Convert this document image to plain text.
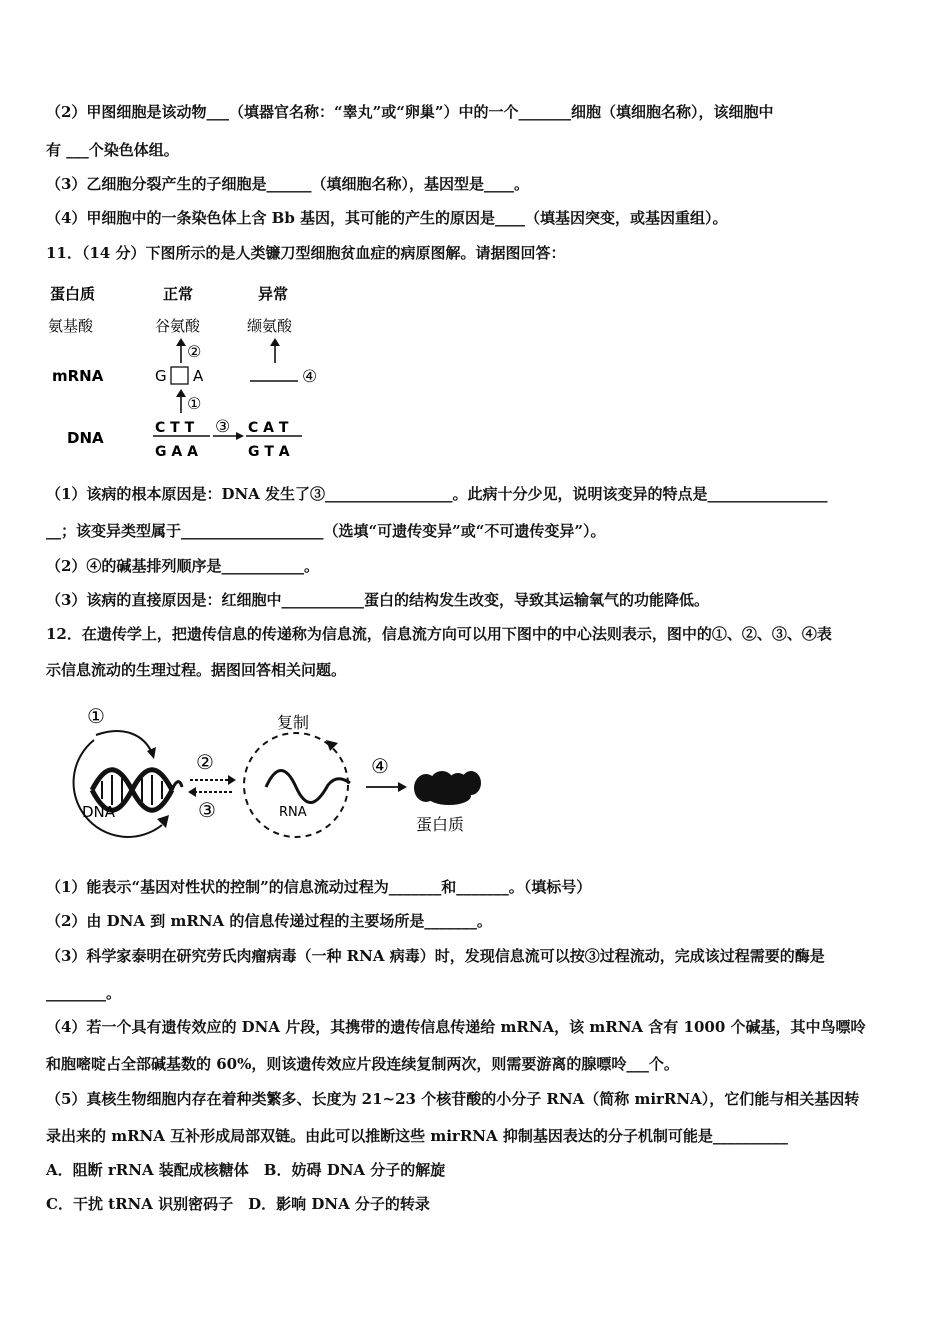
（2）甲图细胞是该动物___（填器官名称：“睾丸”或“卵巢”）中的一个_______细胞（填细胞名称），该细胞中
有 ___个染色体组。
（3）乙细胞分裂产生的子细胞是______（填细胞名称），基因型是____。
（4）甲细胞中的一条染色体上含 Bb 基因，其可能的产生的原因是____（填基因突变，或基因重组）。
11．（14 分）下图所示的是人类镰刀型细胞贫血症的病原图解。请据图回答：
蛋白质	正常	异常
氨基酸	谷氨酸	缬氨酸
②
mRNA	G A	④
①
DNA
C T T
G A A
③ C A T
G T A
（1）该病的根本原因是：DNA 发生了③_________________。此病十分少见，说明该变异的特点是________________
__；该变异类型属于___________________（选填“可遗传变异”或“不可遗传变异”）。
（2）④的碱基排列顺序是___________。
（3）该病的直接原因是：红细胞中___________蛋白的结构发生改变，导致其运输氧气的功能降低。
12．在遗传学上，把遗传信息的传递称为信息流，信息流方向可以用下图中的中心法则表示，图中的①、②、③、④表
示信息流动的生理过程。据图回答相关问题。
①
DNA
②
③
复制
RNA
④
蛋白质
（1）能表示“基因对性状的控制”的信息流动过程为_______和_______。（填标号）
（2）由 DNA 到 mRNA 的信息传递过程的主要场所是_______。
（3）科学家泰明在研究劳氏肉瘤病毒（一种 RNA 病毒）时，发现信息流可以按③过程流动，完成该过程需要的酶是
________。
（4）若一个具有遗传效应的 DNA 片段，其携带的遗传信息传递给 mRNA，该 mRNA 含有 1000 个碱基，其中鸟嘌呤
和胞嘧啶占全部碱基数的 60%，则该遗传效应片段连续复制两次，则需要游离的腺嘌呤___个。
（5）真核生物细胞内存在着种类繁多、长度为 21~23 个核苷酸的小分子 RNA（简称 mirRNA），它们能与相关基因转
录出来的 mRNA 互补形成局部双链。由此可以推断这些 mirRNA 抑制基因表达的分子机制可能是__________
A．阻断 rRNA 装配成核糖体　B．妨碍 DNA 分子的解旋
C．干扰 tRNA 识别密码子　D．影响 DNA 分子的转录
